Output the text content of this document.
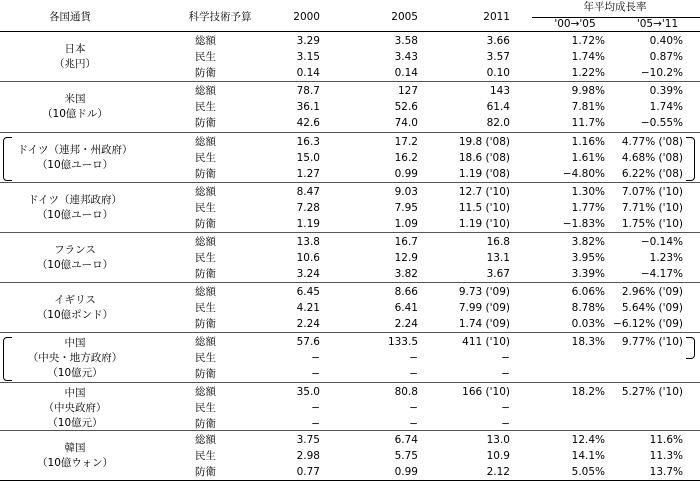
各国通貨	科学技術予算	2000	2005	2011
年平均成長率
'00→'05	'05→'11
日本
（兆円）
総額	3.29	3.58	3.66	1.72%	0.40%
民生	3.15	3.43	3.57	1.74%	0.87%
防衛	0.14	0.14	0.10	1.22%	−10.2%
米国
（10億ドル）
総額	78.7	127	143	9.98%	0.39%
民生	36.1	52.6	61.4	7.81%	1.74%
防衛	42.6	74.0	82.0	11.7%	−0.55%
ドイツ（連邦・州政府）
（10億ユーロ）
総額	16.3	17.2	19.8 ('08)	1.16%	4.77% ('08)
民生	15.0	16.2	18.6 ('08)	1.61%	4.68% ('08)
防衛	1.27	0.99	1.19 ('08)	−4.80%	6.22% ('08)
ドイツ（連邦政府）
（10億ユーロ）
総額	8.47	9.03	12.7 ('10)	1.30%	7.07% ('10)
民生	7.28	7.95	11.5 ('10)	1.77%	7.71% ('10)
防衛	1.19	1.09	1.19 ('10)	−1.83%	1.75% ('10)
フランス
（10億ユーロ）
総額	13.8	16.7	16.8	3.82%	−0.14%
民生	10.6	12.9	13.1	3.95%	1.23%
防衛	3.24	3.82	3.67	3.39%	−4.17%
イギリス
（10億ポンド）
総額	6.45	8.66	9.73 ('09)	6.06%	2.96% ('09)
民生	4.21	6.41	7.99 ('09)	8.78%	5.64% ('09)
防衛	2.24	2.24	1.74 ('09)	0.03% −6.12% ('09)
中国
（中央・地方政府）
（10億元）
総額	57.6	133.5	411 ('10)	18.3%	9.77% ('10)
民生	−	−	−
防衛	−	−	−
中国
（中央政府）
（10億元）
総額	35.0	80.8	166 ('10)	18.2%	5.27% ('10)
民生	−	−	−
防衛	−	−	−
韓国
（10億ウォン）
総額	3.75	6.74	13.0	12.4%	11.6%
民生	2.98	5.75	10.9	14.1%	11.3%
防衛	0.77	0.99	2.12	5.05%	13.7%
